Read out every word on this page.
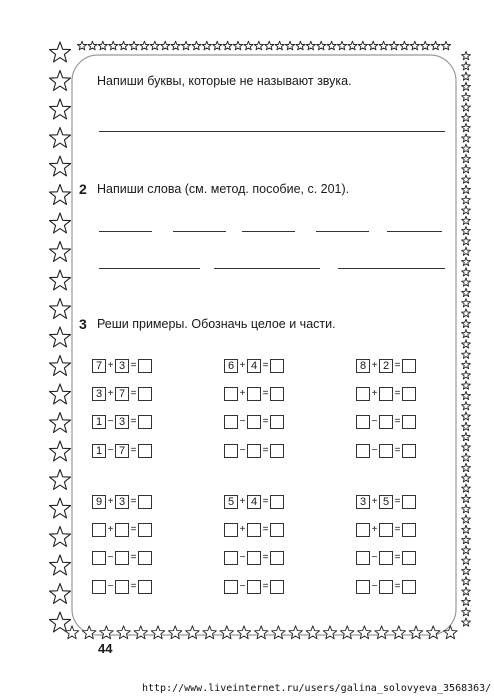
Напиши буквы, которые не называют звука.
2 Напиши слова (см. метод. пособие, с. 201).
3 Реши примеры. Обозначь целое и части.
7 + 3 =
3 + 7 =
1 − 3 =
1 − 7 =
6 + 4 =
+ =
− =
− =
8 + 2 =
+ =
− =
− =
9 + 3 =
+ =
− =
− =
5 + 4 =
+ =
− =
− =
3 + 5 =
+ =
− =
− =
44
http://www.liveinternet.ru/users/galina_solovyeva_3568363/
